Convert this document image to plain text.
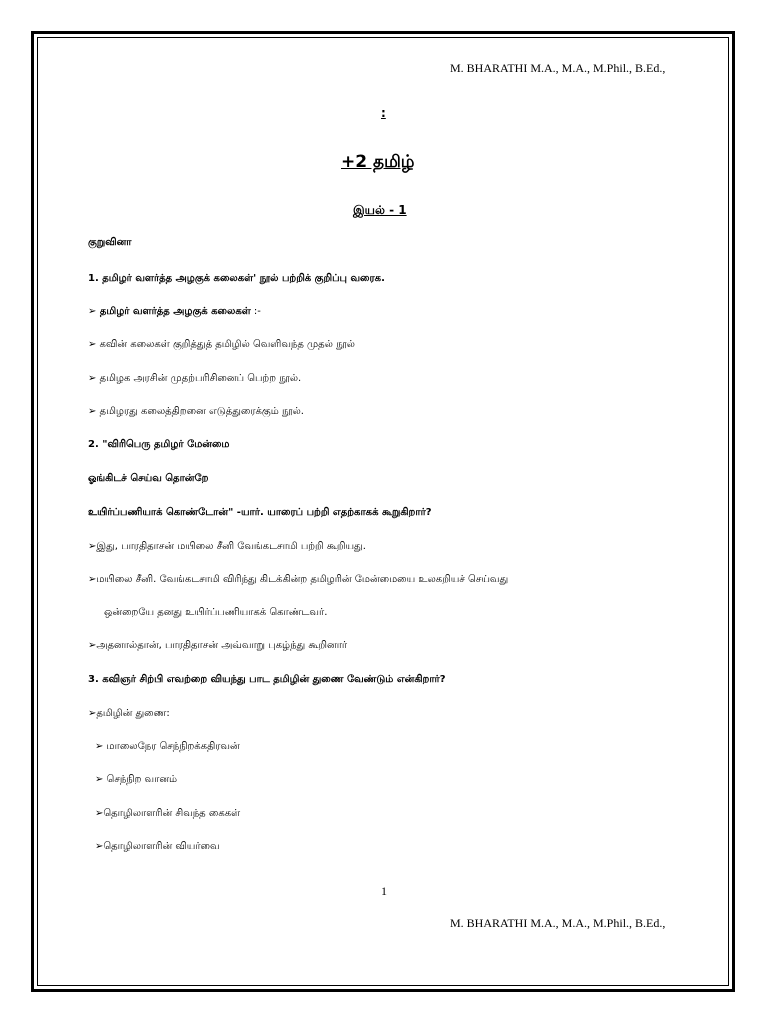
M. BHARATHI M.A., M.A., M.Phil., B.Ed.,
:
+2 தமிழ்
இயல் - 1
குறுவினா
1. தமிழர் வளர்த்த அழகுக் கலைகள்' நூல் பற்றிக் குறிப்பு வரைக.
➢ தமிழர் வளர்த்த அழகுக் கலைகள் :-
➢ கவின் கலைகள் குறித்துத் தமிழில் வெளிவந்த முதல் நூல்
➢ தமிழக அரசின் முதற்பரிசினைப் பெற்ற நூல்.
➢ தமிழரது கலைத்திறனை எடுத்துரைக்கும் நூல்.
2. "விரிபெரு தமிழர் மேன்மை
ஓங்கிடச் செய்வ தொன்றே
உயிர்ப்பணியாக் கொண்டோன்" -யார். யாரைப் பற்றி எதற்காகக் கூறுகிறார்?
➢இது, பாரதிதாசன் மயிலை சீனி வேங்கடசாமி பற்றி கூறியது.
➢மயிலை சீனி. வேங்கடசாமி விரிந்து கிடக்கின்ற தமிழரின் மேன்மையை உலகறியச் செய்வது
ஒன்றையே தனது உயிர்ப்பணியாகக் கொண்டவர்.
➢அதனால்தான், பாரதிதாசன் அவ்வாறு புகழ்ந்து கூறினார்
3. கவிஞர் சிற்பி எவற்றை வியந்து பாட தமிழின் துணை வேண்டும் என்கிறார்?
➢தமிழின் துணை:
➢ மாலைநேர செந்நிறக்கதிரவன்
➢ செந்நிற வானம்
➢தொழிலாளரின் சிவந்த கைகள்
➢தொழிலாளரின் வியர்வை
1
M. BHARATHI M.A., M.A., M.Phil., B.Ed.,
